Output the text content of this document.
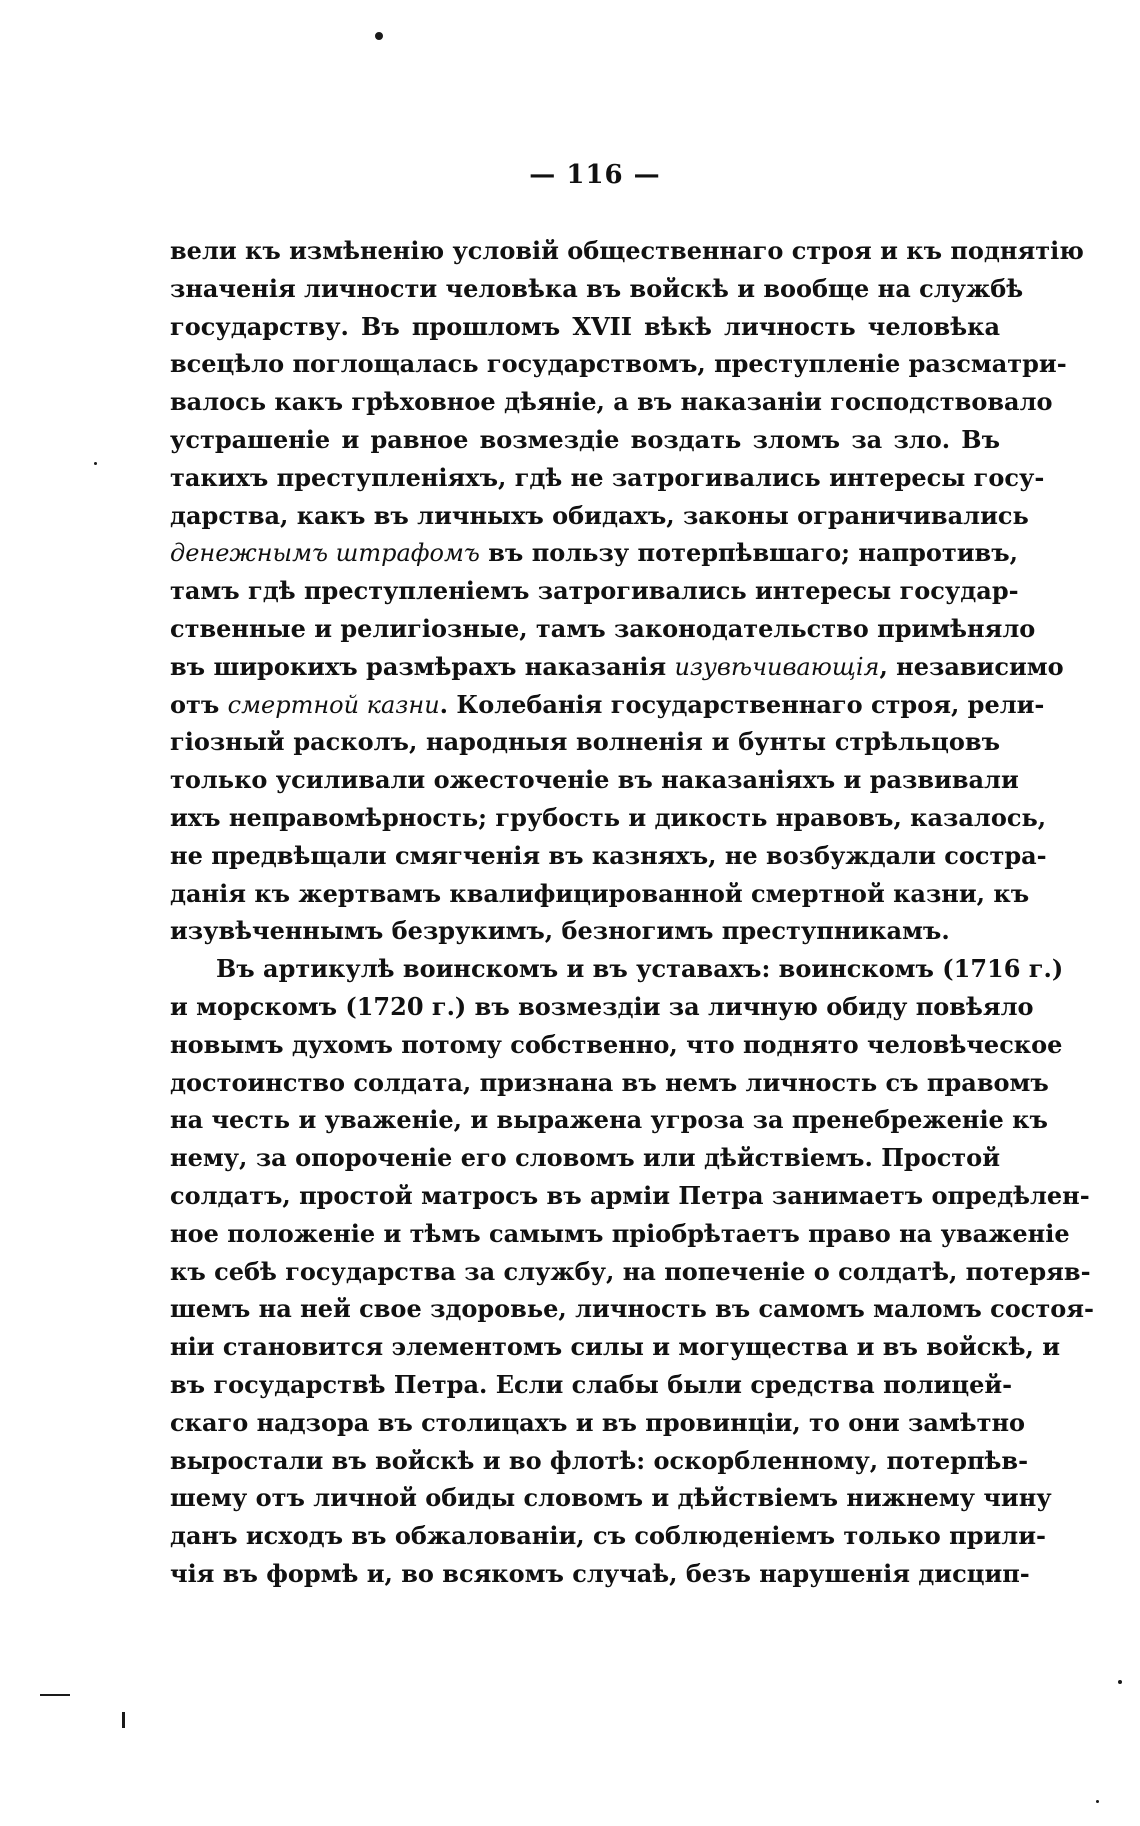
— 116 —
вели къ измѣненію условій общественнаго строя и къ поднятію
значенія личности человѣка въ войскѣ и вообще на службѣ
государству. Въ прошломъ XVII вѣкѣ личность человѣка
всецѣло поглощалась государствомъ, преступленіе разсматри-
валось какъ грѣховное дѣяніе, а въ наказаніи господствовало
устрашеніе и равное возмездіе воздать зломъ за зло. Въ
такихъ преступленіяхъ, гдѣ не затрогивались интересы госу-
дарства, какъ въ личныхъ обидахъ, законы ограничивались
денежнымъ штрафомъ въ пользу потерпѣвшаго; напротивъ,
тамъ гдѣ преступленіемъ затрогивались интересы государ-
ственные и религіозные, тамъ законодательство примѣняло
въ широкихъ размѣрахъ наказанія изувѣчивающія, независимо
отъ смертной казни. Колебанія государственнаго строя, рели-
гіозный расколъ, народныя волненія и бунты стрѣльцовъ
только усиливали ожесточеніе въ наказаніяхъ и развивали
ихъ неправомѣрность; грубость и дикость нравовъ, казалось,
не предвѣщали смягченія въ казняхъ, не возбуждали состра-
данія къ жертвамъ квалифицированной смертной казни, къ
изувѣченнымъ безрукимъ, безногимъ преступникамъ.
Въ артикулѣ воинскомъ и въ уставахъ: воинскомъ (1716 г.)
и морскомъ (1720 г.) въ возмездіи за личную обиду повѣяло
новымъ духомъ потому собственно, что поднято человѣческое
достоинство солдата, признана въ немъ личность съ правомъ
на честь и уваженіе, и выражена угроза за пренебреженіе къ
нему, за опороченіе его словомъ или дѣйствіемъ. Простой
солдатъ, простой матросъ въ арміи Петра занимаетъ опредѣлен-
ное положеніе и тѣмъ самымъ пріобрѣтаетъ право на уваженіе
къ себѣ государства за службу, на попеченіе о солдатѣ, потеряв-
шемъ на ней свое здоровье, личность въ самомъ маломъ состоя-
ніи становится элементомъ силы и могущества и въ войскѣ, и
въ государствѣ Петра. Если слабы были средства полицей-
скаго надзора въ столицахъ и въ провинціи, то они замѣтно
выростали въ войскѣ и во флотѣ: оскорбленному, потерпѣв-
шему отъ личной обиды словомъ и дѣйствіемъ нижнему чину
данъ исходъ въ обжалованіи, съ соблюденіемъ только прили-
чія въ формѣ и, во всякомъ случаѣ, безъ нарушенія дисцип-
